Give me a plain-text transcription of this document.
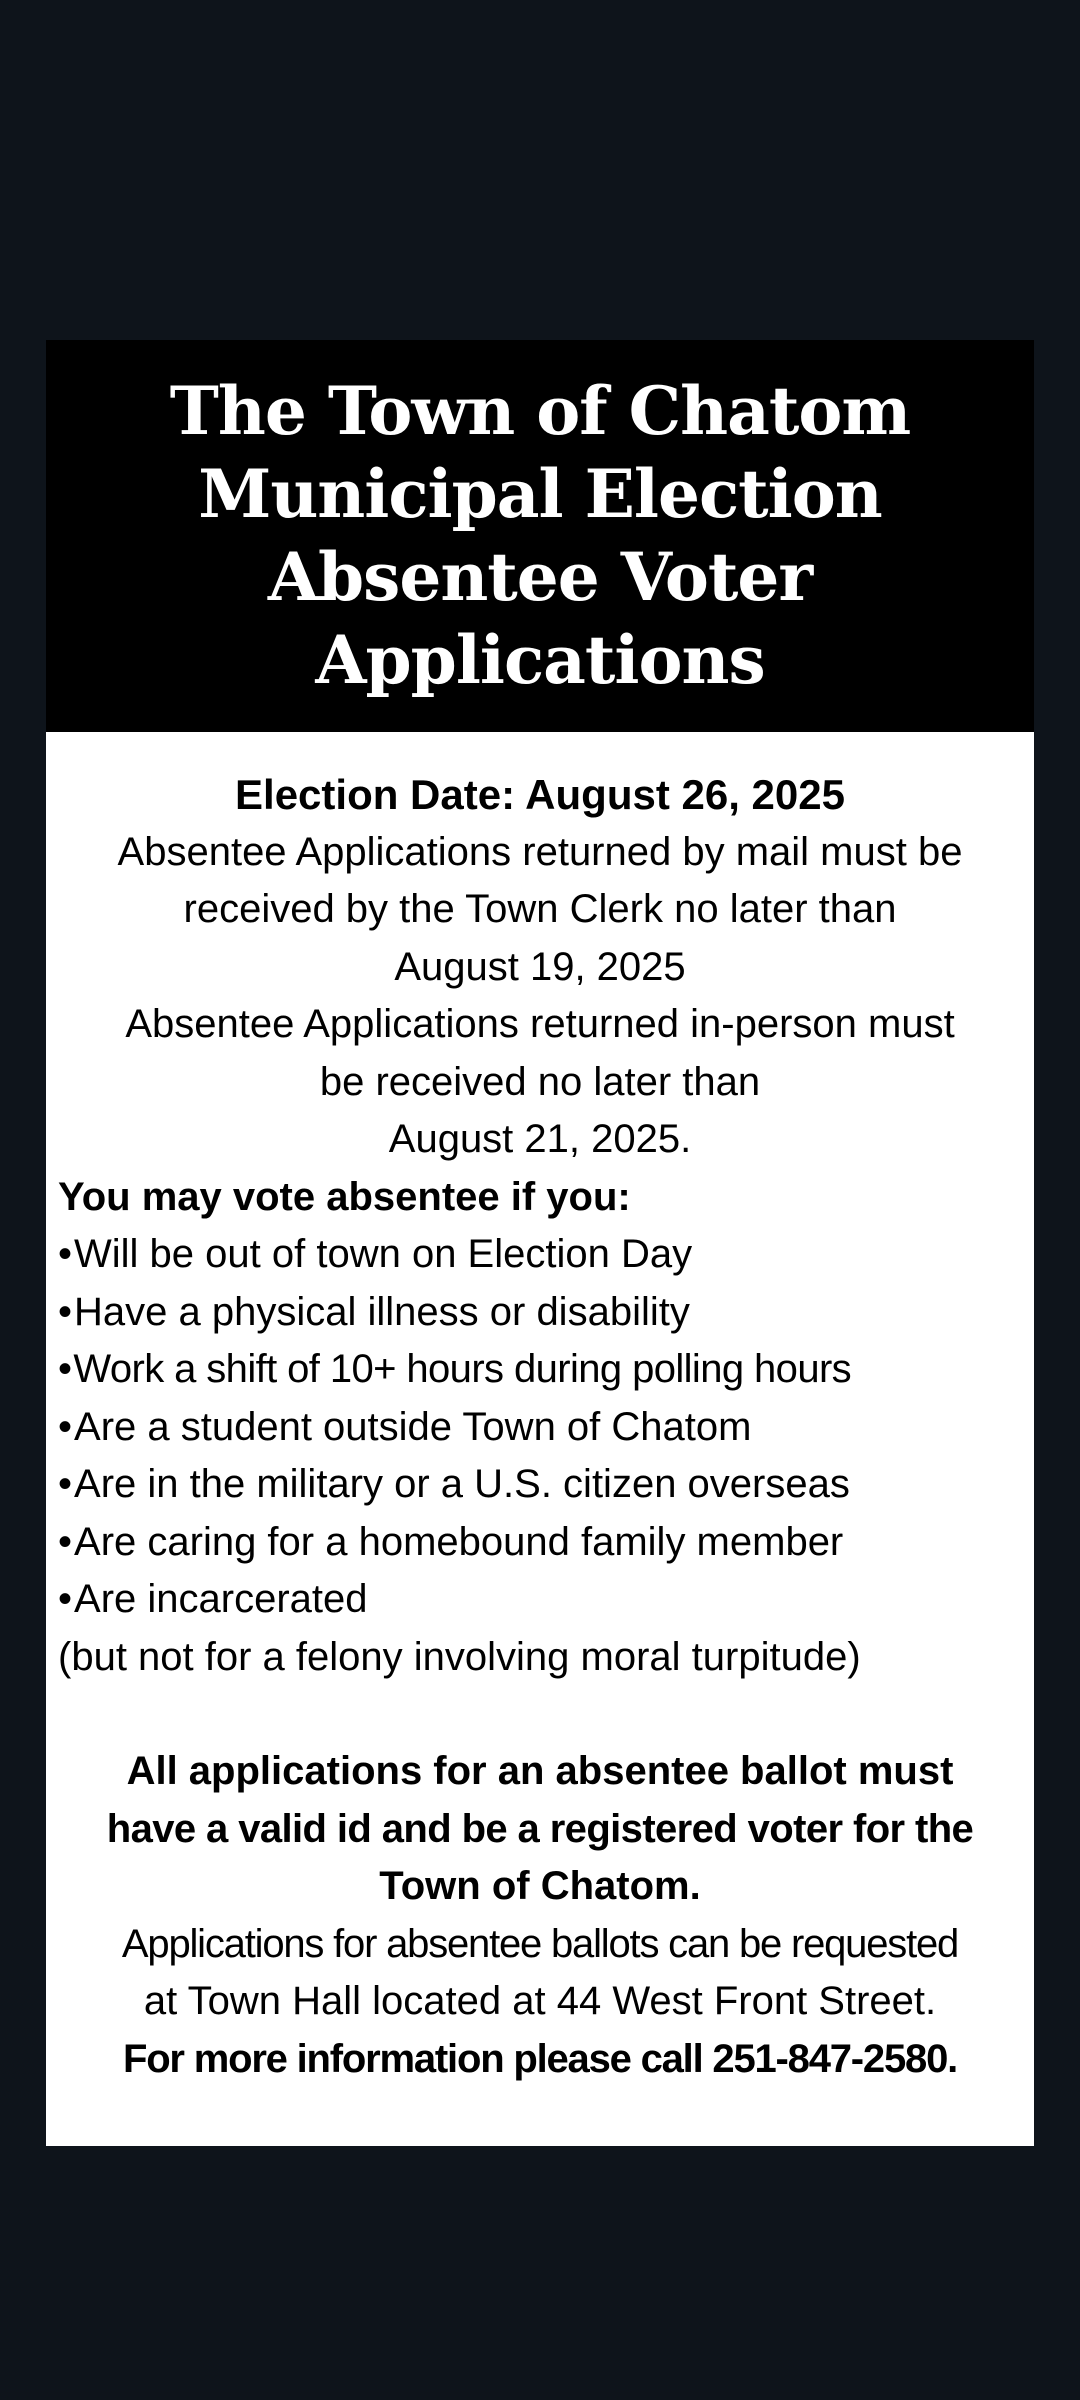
The Town of Chatom
Municipal Election
Absentee Voter
Applications
Election Date: August 26, 2025
Absentee Applications returned by mail must be
received by the Town Clerk no later than
August 19, 2025
Absentee Applications returned in-person must
be received no later than
August 21, 2025.
You may vote absentee if you:
•Will be out of town on Election Day
•Have a physical illness or disability
•Work a shift of 10+ hours during polling hours
•Are a student outside Town of Chatom
•Are in the military or a U.S. citizen overseas
•Are caring for a homebound family member
•Are incarcerated
(but not for a felony involving moral turpitude)
All applications for an absentee ballot must
have a valid id and be a registered voter for the
Town of Chatom.
Applications for absentee ballots can be requested
at Town Hall located at 44 West Front Street.
For more information please call 251-847-2580.
